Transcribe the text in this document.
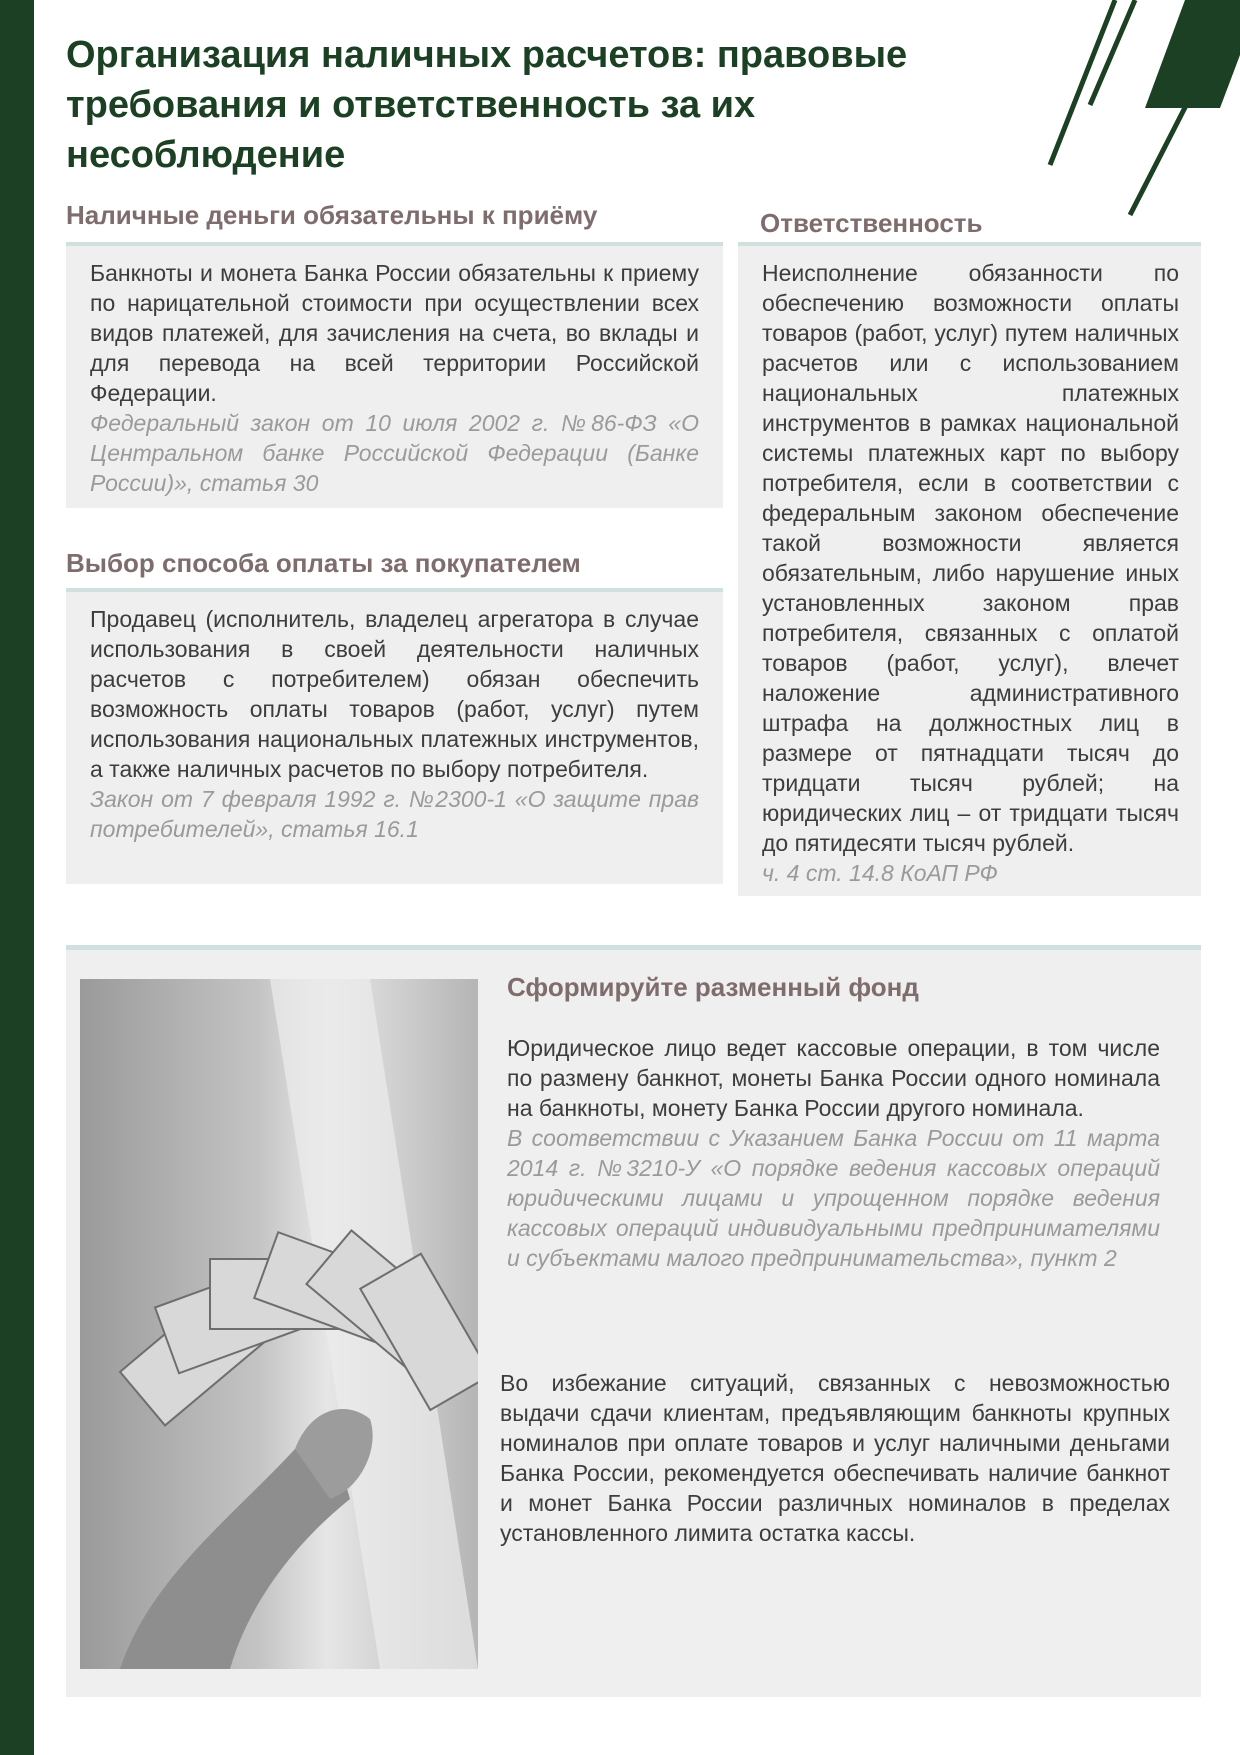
Организация наличных расчетов: правовые требования и ответственность за их несоблюдение
Наличные деньги обязательны к приёму

Банкноты и монета Банка России обязательны к приему по нарицательной стоимости при осуществлении всех видов платежей, для зачисления на счета, во вклады и для перевода на всей территории Российской Федерации.

Федеральный закон от 10 июля 2002 г. №86-ФЗ «О Центральном банке Российской Федерации (Банке России)», статья 30

Выбор способа оплаты за покупателем

Продавец (исполнитель, владелец агрегатора в случае использования в своей деятельности наличных расчетов с потребителем) обязан обеспечить возможность оплаты товаров (работ, услуг) путем использования национальных платежных инструментов, а также наличных расчетов по выбору потребителя.

Закон от 7 февраля 1992 г. №2300-1 «О защите прав потребителей», статья 16.1

Ответственность

Неисполнение обязанности по обеспечению возможности оплаты товаров (работ, услуг) путем наличных расчетов или с использованием национальных платежных инструментов в рамках национальной системы платежных карт по выбору потребителя, если в соответствии с федеральным законом обеспечение такой возможности является обязательным, либо нарушение иных установленных законом прав потребителя, связанных с оплатой товаров (работ, услуг), влечет наложение административного штрафа на должностных лиц в размере от пятнадцати тысяч до тридцати тысяч рублей; на юридических лиц – от тридцати тысяч до пятидесяти тысяч рублей.

ч. 4 ст. 14.8 КоАП РФ

Сформируйте разменный фонд

Юридическое лицо ведет кассовые операции, в том числе по размену банкнот, монеты Банка России одного номинала на банкноты, монету Банка России другого номинала.

В соответствии с Указанием Банка России от 11 марта 2014 г. №3210-У «О порядке ведения кассовых операций юридическими лицами и упрощенном порядке ведения кассовых операций индивидуальными предпринимателями и субъектами малого предпринимательства», пункт 2

Во избежание ситуаций, связанных с невозможностью выдачи сдачи клиентам, предъявляющим банкноты крупных номиналов при оплате товаров и услуг наличными деньгами Банка России, рекомендуется обеспечивать наличие банкнот и монет Банка России различных номиналов в пределах установленного лимита остатка кассы.
